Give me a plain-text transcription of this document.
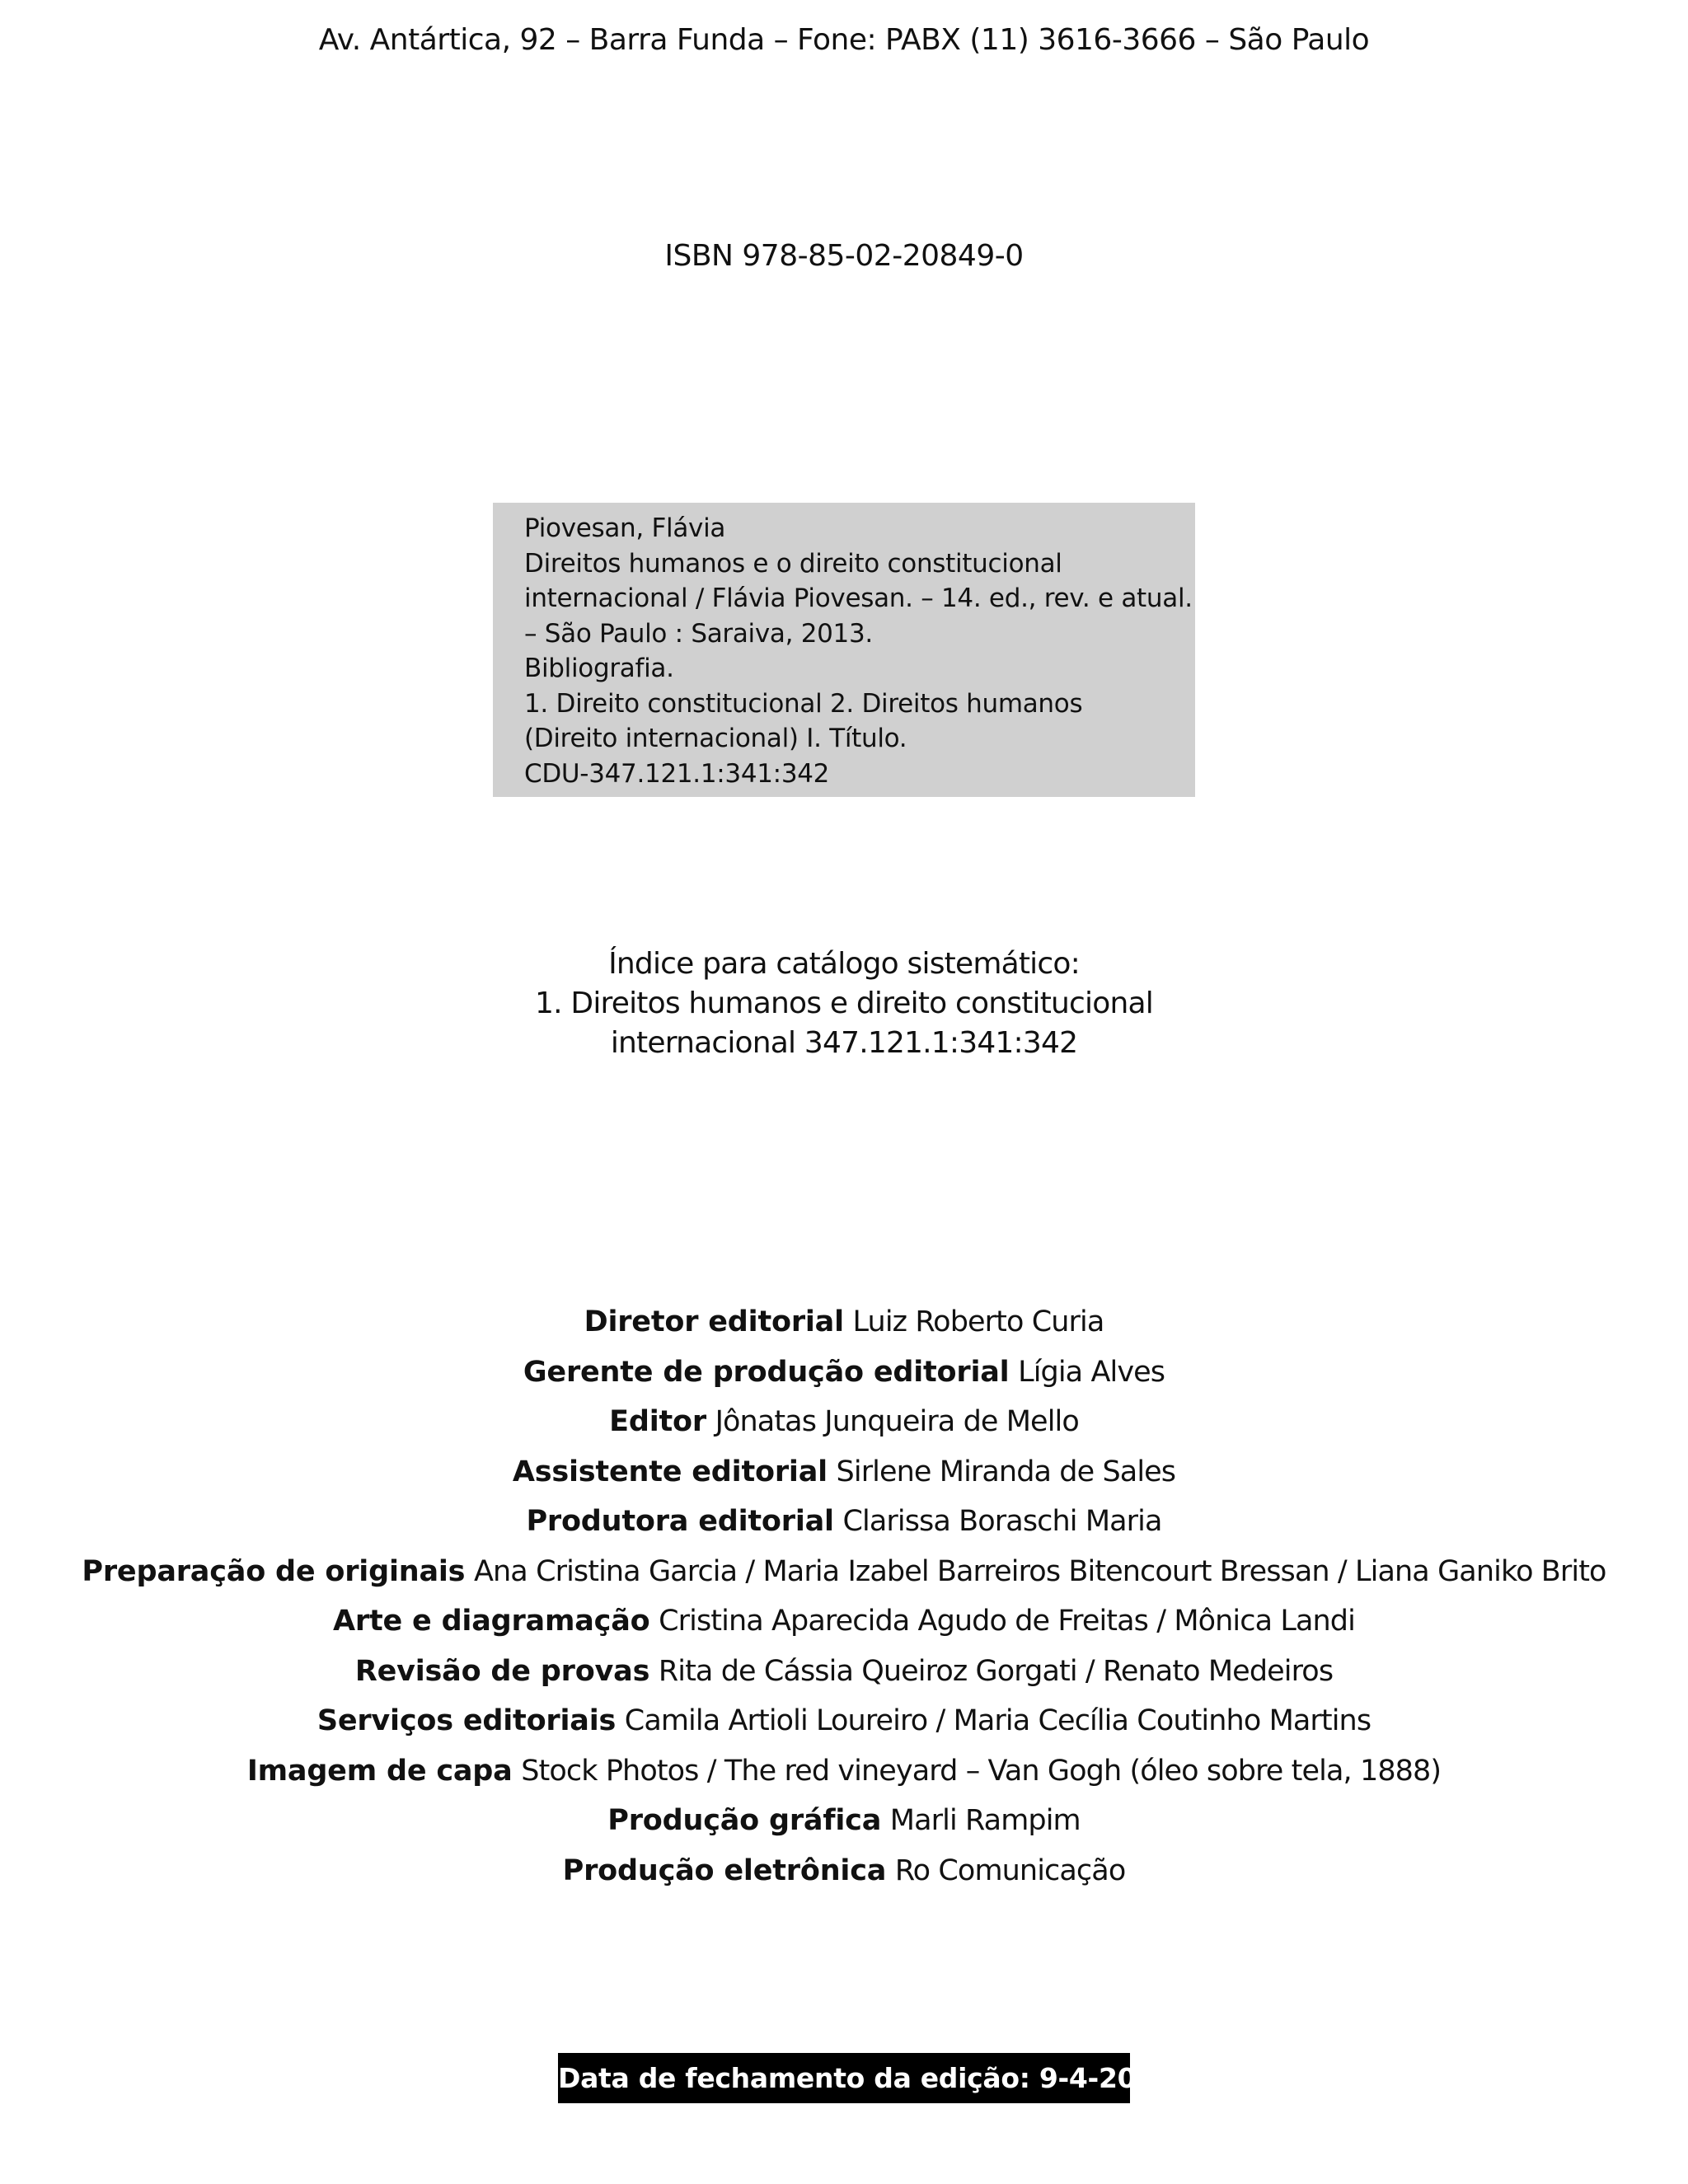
Av. Antártica, 92 – Barra Funda – Fone: PABX (11) 3616-3666 – São Paulo
ISBN 978-85-02-20849-0
Piovesan, Flávia
Direitos humanos e o direito constitucional
internacional / Flávia Piovesan. – 14. ed., rev. e atual.
– São Paulo : Saraiva, 2013.
Bibliografia.
1. Direito constitucional 2. Direitos humanos
(Direito internacional) I. Título.
CDU-347.121.1:341:342
Índice para catálogo sistemático:
1. Direitos humanos e direito constitucional
internacional 347.121.1:341:342
Diretor editorial Luiz Roberto Curia
Gerente de produção editorial Lígia Alves
Editor Jônatas Junqueira de Mello
Assistente editorial Sirlene Miranda de Sales
Produtora editorial Clarissa Boraschi Maria
Preparação de originais Ana Cristina Garcia / Maria Izabel Barreiros Bitencourt Bressan / Liana Ganiko Brito
Arte e diagramação Cristina Aparecida Agudo de Freitas / Mônica Landi
Revisão de provas Rita de Cássia Queiroz Gorgati / Renato Medeiros
Serviços editoriais Camila Artioli Loureiro / Maria Cecília Coutinho Martins
Imagem de capa Stock Photos / The red vineyard – Van Gogh (óleo sobre tela, 1888)
Produção gráfica Marli Rampim
Produção eletrônica Ro Comunicação
Data de fechamento da edição: 9-4-2013
